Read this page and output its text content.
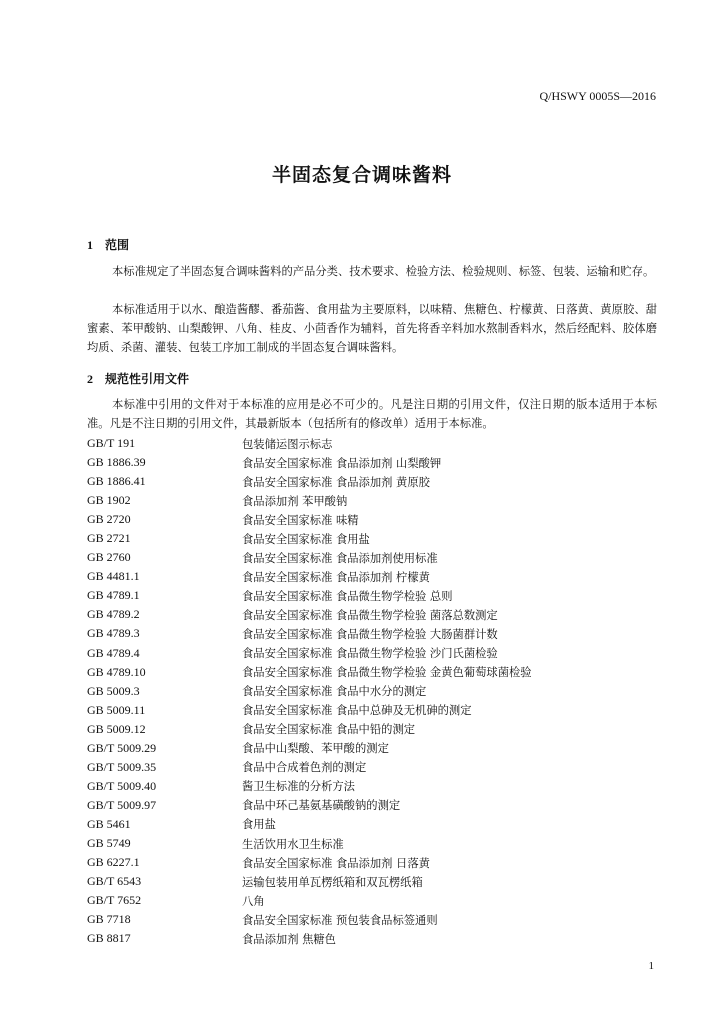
Q/HSWY 0005S—2016
半固态复合调味酱料
1 范围
本标准规定了半固态复合调味酱料的产品分类、技术要求、检验方法、检验规则、标签、包装、运输和贮存。
本标准适用于以水、酿造酱醪、番茄酱、食用盐为主要原料，以味精、焦糖色、柠檬黄、日落黄、黄原胶、甜蜜素、苯甲酸钠、山梨酸钾、八角、桂皮、小茴香作为辅料，首先将香辛料加水熬制香料水，然后经配料、胶体磨均质、杀菌、灌装、包装工序加工制成的半固态复合调味酱料。
2 规范性引用文件
本标准中引用的文件对于本标准的应用是必不可少的。凡是注日期的引用文件，仅注日期的版本适用于本标准。凡是不注日期的引用文件，其最新版本（包括所有的修改单）适用于本标准。
GB/T 191	包装储运图示标志
GB 1886.39	食品安全国家标准 食品添加剂 山梨酸钾
GB 1886.41	食品安全国家标准 食品添加剂 黄原胶
GB 1902	食品添加剂 苯甲酸钠
GB 2720	食品安全国家标准 味精
GB 2721	食品安全国家标准 食用盐
GB 2760	食品安全国家标准 食品添加剂使用标准
GB 4481.1	食品安全国家标准 食品添加剂 柠檬黄
GB 4789.1	食品安全国家标准 食品微生物学检验 总则
GB 4789.2	食品安全国家标准 食品微生物学检验 菌落总数测定
GB 4789.3	食品安全国家标准 食品微生物学检验 大肠菌群计数
GB 4789.4	食品安全国家标准 食品微生物学检验 沙门氏菌检验
GB 4789.10	食品安全国家标准 食品微生物学检验 金黄色葡萄球菌检验
GB 5009.3	食品安全国家标准 食品中水分的测定
GB 5009.11	食品安全国家标准 食品中总砷及无机砷的测定
GB 5009.12	食品安全国家标准 食品中铅的测定
GB/T 5009.29	食品中山梨酸、苯甲酸的测定
GB/T 5009.35	食品中合成着色剂的测定
GB/T 5009.40	酱卫生标准的分析方法
GB/T 5009.97	食品中环己基氨基磺酸钠的测定
GB 5461	食用盐
GB 5749	生活饮用水卫生标准
GB 6227.1	食品安全国家标准 食品添加剂 日落黄
GB/T 6543	运输包装用单瓦楞纸箱和双瓦楞纸箱
GB/T 7652	八角
GB 7718	食品安全国家标准 预包装食品标签通则
GB 8817	食品添加剂 焦糖色
1
